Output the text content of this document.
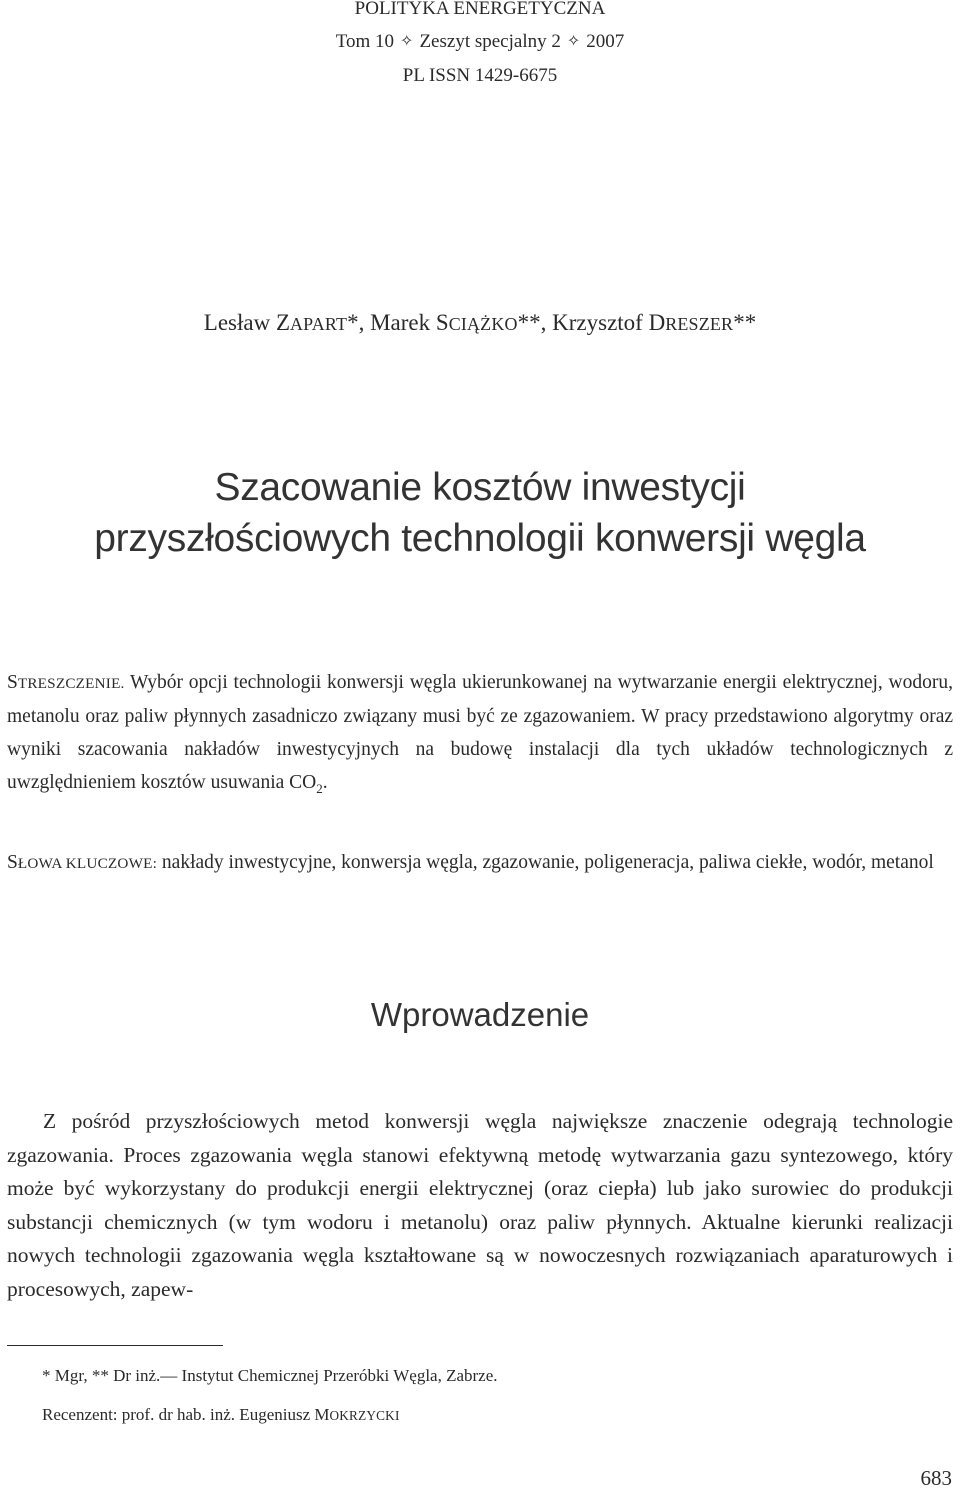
POLITYKA ENERGETYCZNA
Tom 10 ✧ Zeszyt specjalny 2 ✧ 2007
PL ISSN 1429-6675
Lesław ZAPART*, Marek SCIĄŻKO**, Krzysztof DRESZER**
Szacowanie kosztów inwestycji
przyszłościowych technologii konwersji węgla
STRESZCZENIE. Wybór opcji technologii konwersji węgla ukierunkowanej na wytwarzanie energii elektrycznej, wodoru, metanolu oraz paliw płynnych zasadniczo związany musi być ze zgazowaniem. W pracy przedstawiono algorytmy oraz wyniki szacowania nakładów inwestycyjnych na budowę instalacji dla tych układów technologicznych z uwzględnieniem kosztów usuwania $CO_2$.
SŁOWA KLUCZOWE: nakłady inwestycyjne, konwersja węgla, zgazowanie, poligeneracja, paliwa ciekłe, wodór, metanol
Wprowadzenie
Z pośród przyszłościowych metod konwersji węgla największe znaczenie odegrają technologie zgazowania. Proces zgazowania węgla stanowi efektywną metodę wytwarzania gazu syntezowego, który może być wykorzystany do produkcji energii elektrycznej (oraz ciepła) lub jako surowiec do produkcji substancji chemicznych (w tym wodoru i metanolu) oraz paliw płynnych. Aktualne kierunki realizacji nowych technologii zgazowania węgla kształtowane są w nowoczesnych rozwiązaniach aparaturowych i procesowych, zapew-
* Mgr, ** Dr inż.— Instytut Chemicznej Przeróbki Węgla, Zabrze.
Recenzent: prof. dr hab. inż. Eugeniusz MOKRZYCKI
683
